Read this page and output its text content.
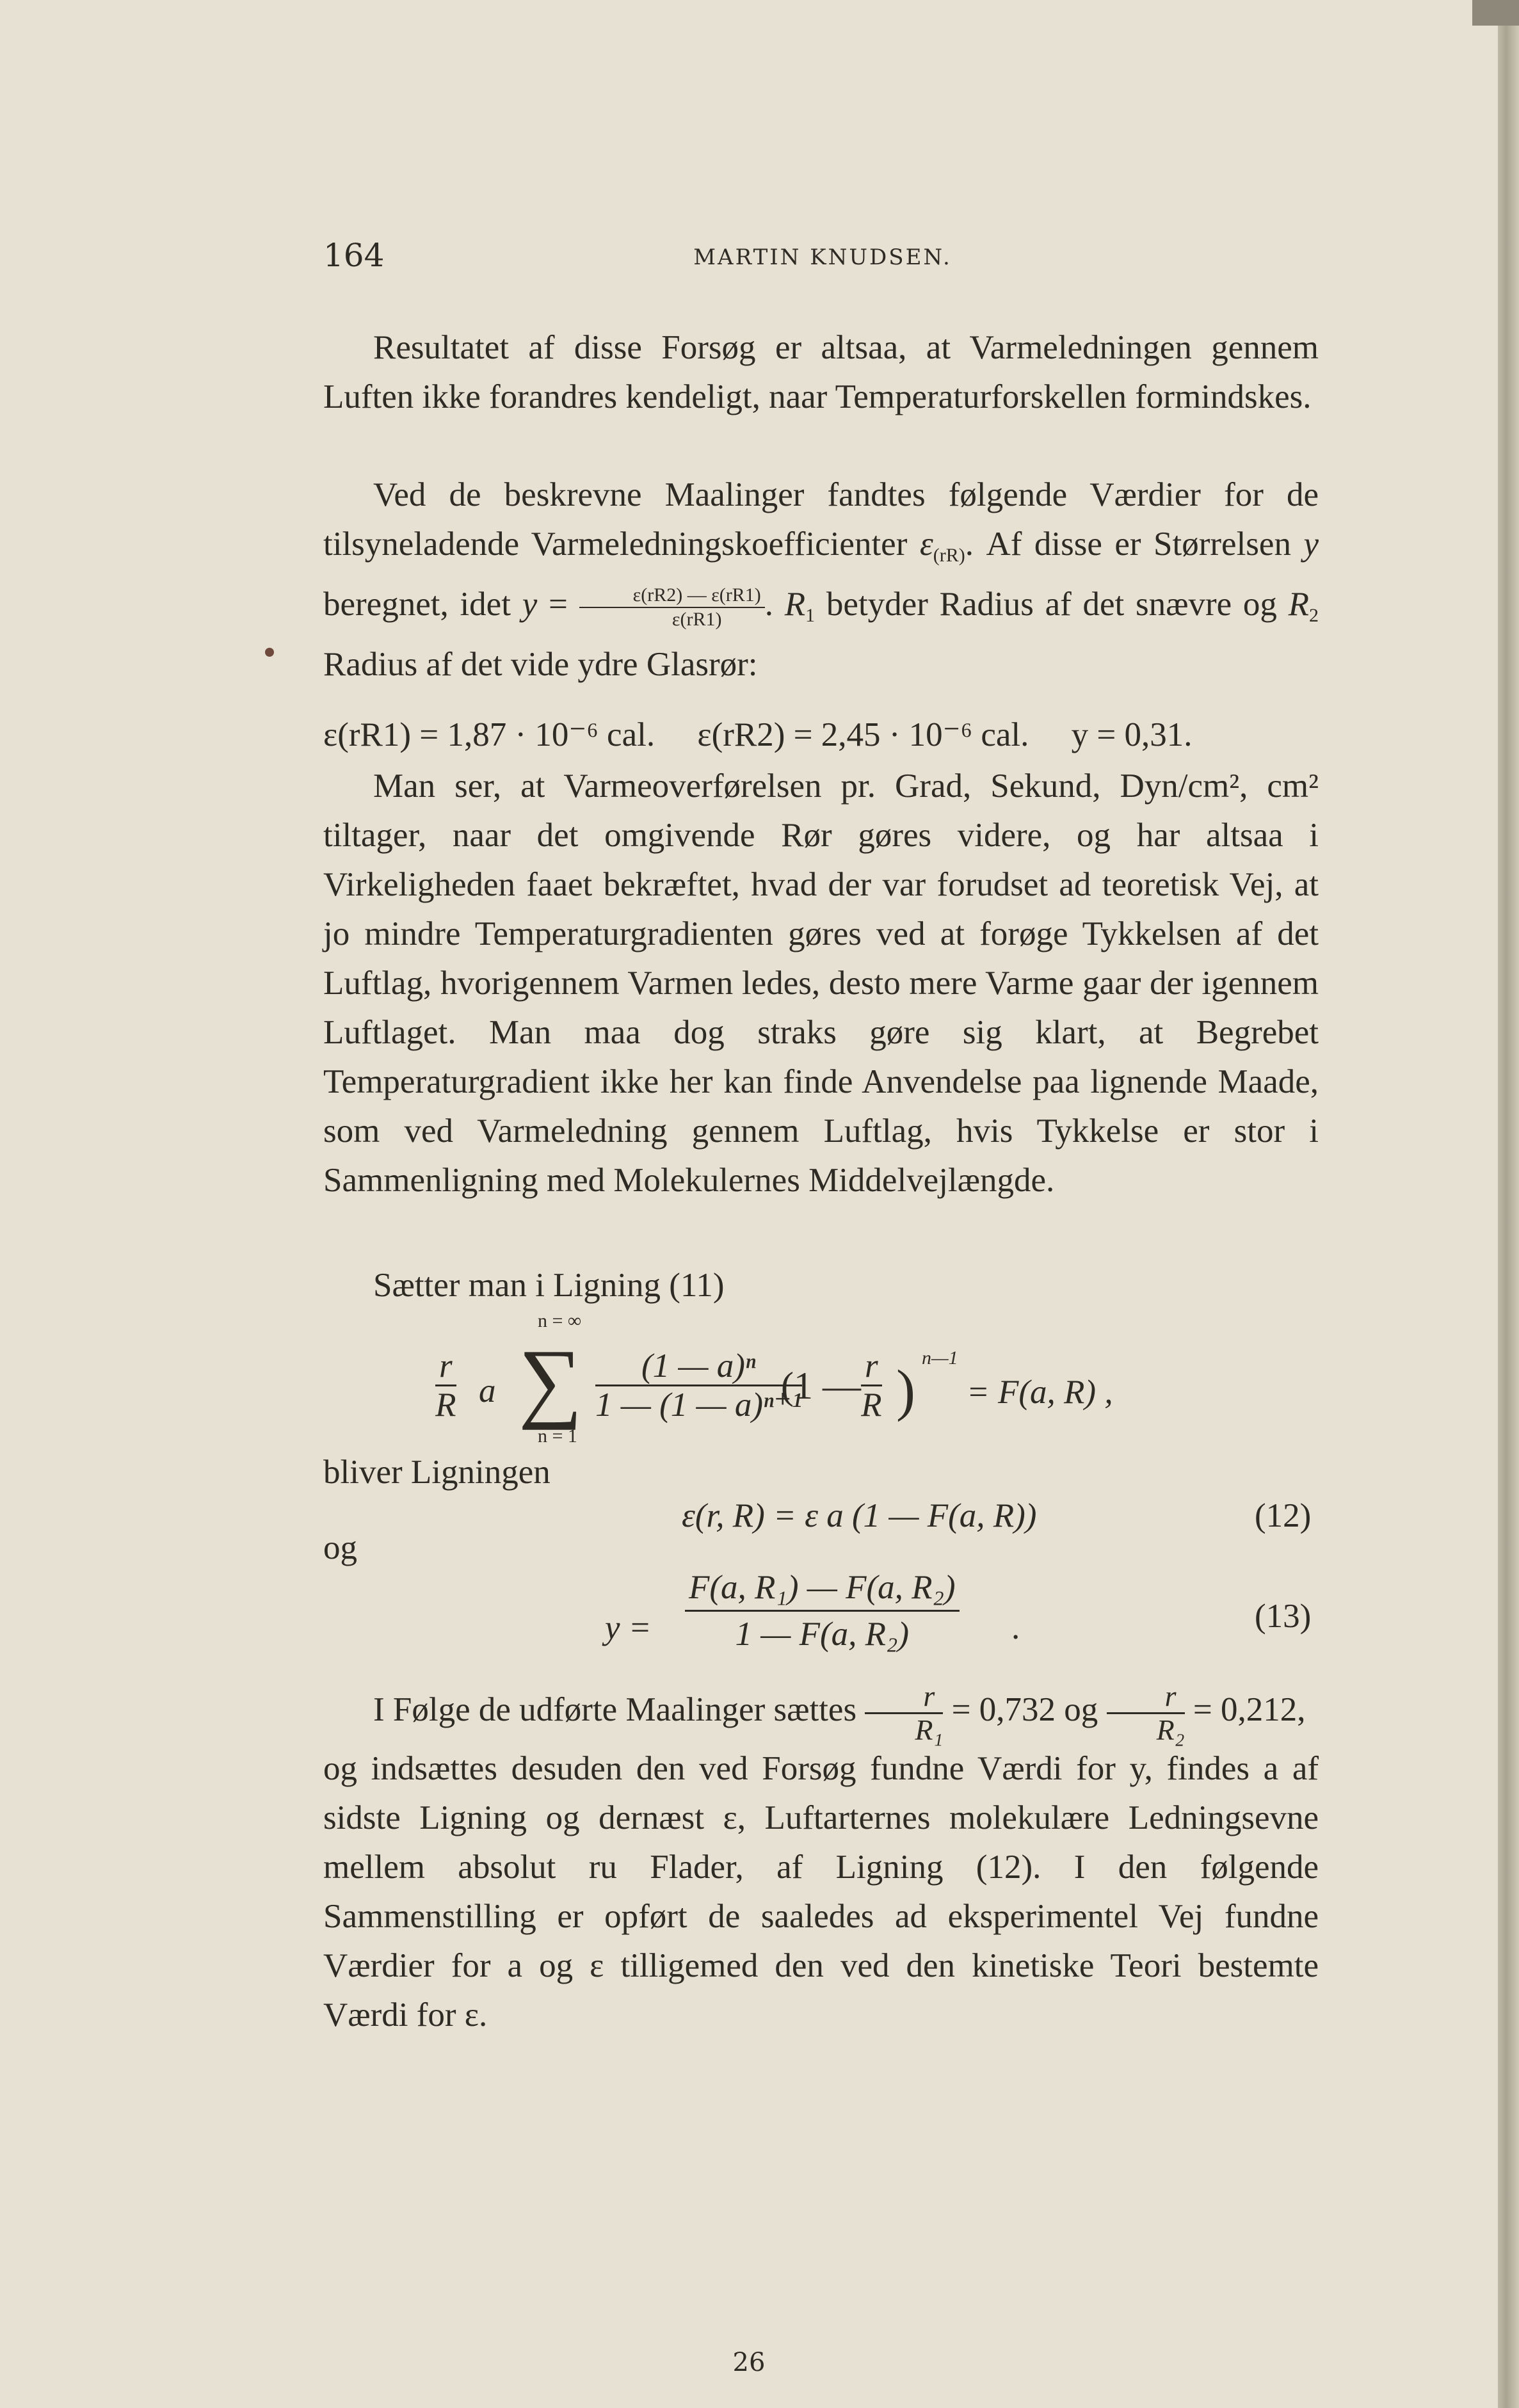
164	MARTIN KNUDSEN.
Resultatet af disse Forsøg er altsaa, at Varmeledningen gennem Luften ikke forandres kendeligt, naar Temperaturforskellen formindskes.
Ved de beskrevne Maalinger fandtes følgende Værdier for de tilsyneladende Varmeledningskoefficienter $\varepsilon_{(rR)}$. Af disse er Størrelsen y beregnet, idet $y = \frac{\varepsilon(rR2) — \varepsilon(rR1)}{\varepsilon(rR1)}$ . $R_1$ betyder Radius af det snævre og $R_2$ Radius af det vide ydre Glasrør:
ε(rR1) = 1,87 · 10⁻⁶ cal.     ε(rR2) = 2,45 · 10⁻⁶ cal.     y = 0,31.
Man ser, at Varmeoverførelsen pr. Grad, Sekund, Dyn/cm², cm² tiltager, naar det omgivende Rør gøres videre, og har altsaa i Virkeligheden faaet bekræftet, hvad der var forudset ad teoretisk Vej, at jo mindre Temperaturgradienten gøres ved at forøge Tykkelsen af det Luftlag, hvorigennem Varmen ledes, desto mere Varme gaar der igennem Luftlaget. Man maa dog straks gøre sig klart, at Begrebet Temperaturgradient ikke her kan finde Anvendelse paa lignende Maade, som ved Varmeledning gennem Luftlag, hvis Tykkelse er stor i Sammenligning med Molekulernes Middelvejlængde.
Sætter man i Ligning (11)
$\frac{r}{R}$ a
n = ∞
∑
n = 1
$\frac{\text{(1 — a)ⁿ}}{\text{1 — (1 — a)ⁿ⁺¹}}$
(1 — $\frac{r}{R}$ )
n—1
= F(a, R) ,
bliver Ligningen
ε(r, R) = ε a (1 — F(a, R))	(12)
og
$y = \frac{\text{F(a, R₁) — F(a, R₂)}}{\text{1 — F(a, R₂)}}$ .	(13)
I Følge de udførte Maalinger sættes $\frac{r}{\text{R₁}} = 0,732$ og $\frac{r}{\text{R₂}} = 0,212$,
og indsættes desuden den ved Forsøg fundne Værdi for y, findes a af sidste Ligning og dernæst ε, Luftarternes molekulære Ledningsevne mellem absolut ru Flader, af Ligning (12). I den følgende Sammenstilling er opført de saaledes ad eksperimentel Vej fundne Værdier for a og ε tilligemed den ved den kinetiske Teori bestemte Værdi for ε.
26
